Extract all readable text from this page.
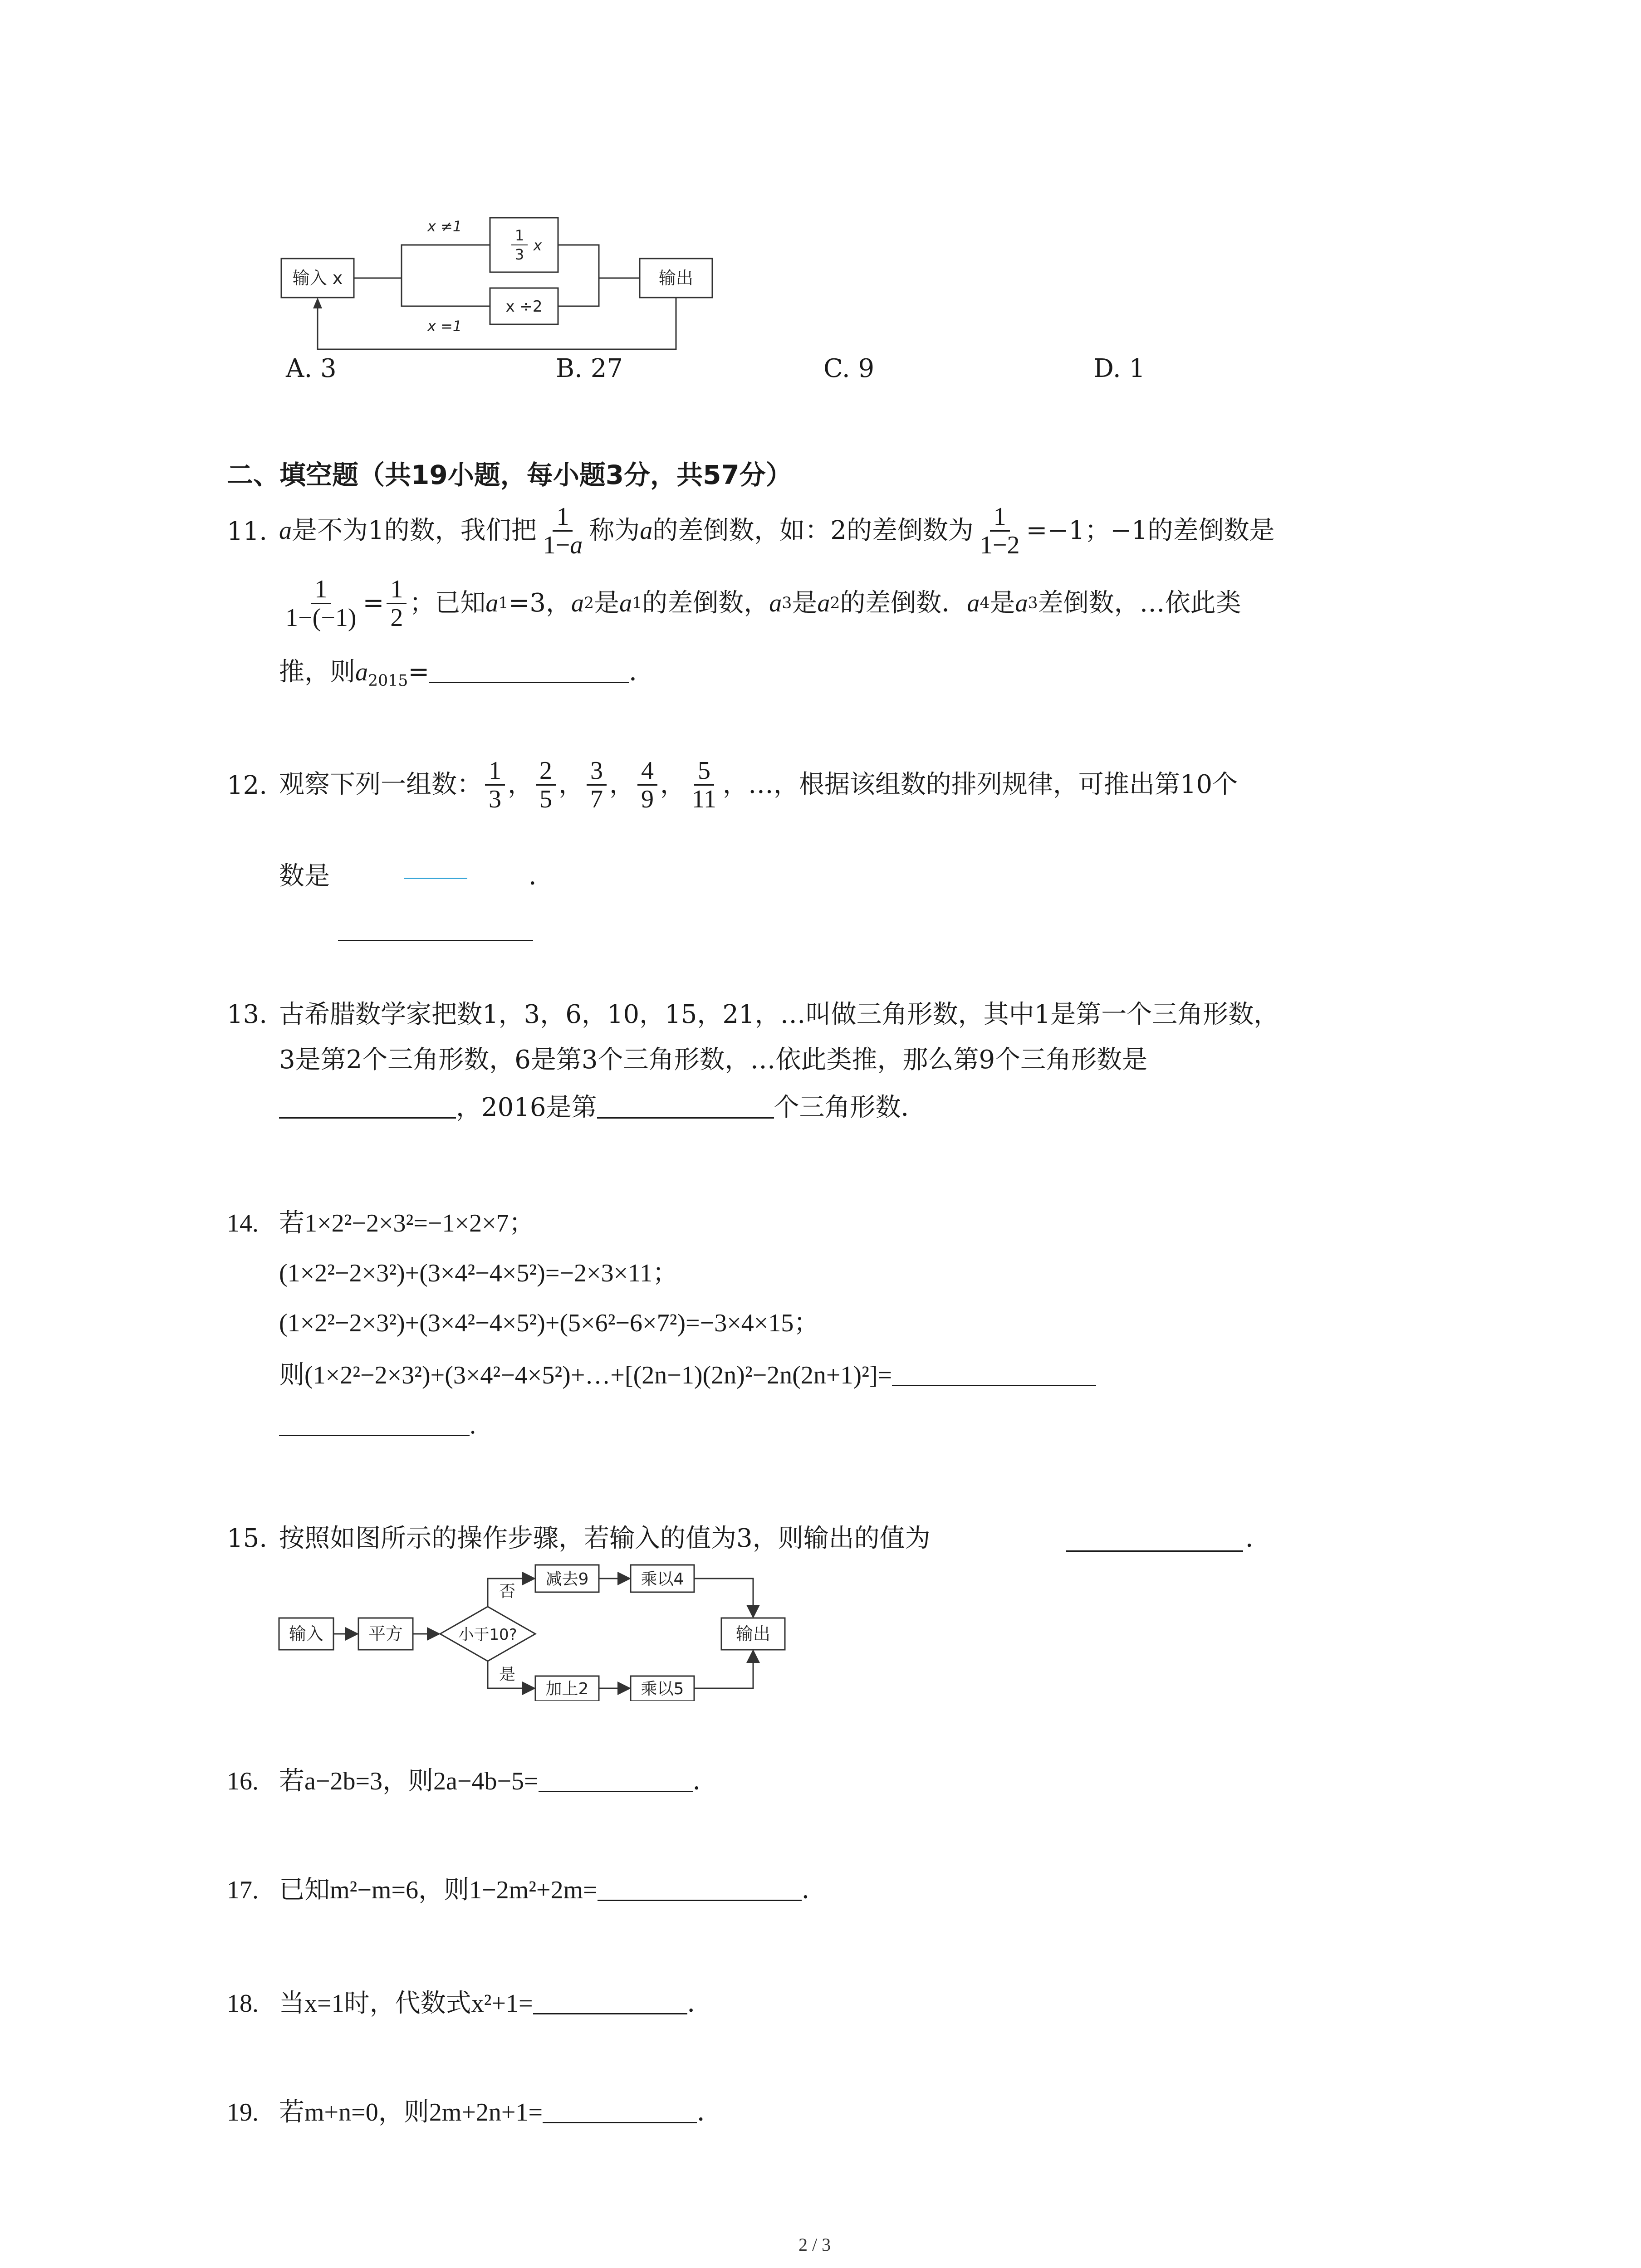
输入 x
x ≠1
x =1
1
3
x
x ÷2
输出
A. 3	B. 27	C. 9	D. 1
二、填空题（共19小题，每小题3分，共57分）
11. a 是不为1的数，我们把 $\frac{1}{1-a}$ 称为 a 的差倒数，如：2的差倒数为 $\frac{1}{1-2} =-1$；−1的差倒数是
$\frac{1}{1-(-1)} = \frac{1}{2}$ ；已知 a 1 =3， a 2 是 a 1 的差倒数， a 3 是 a 2 的差倒数． a 4 是 a 3 差倒数，…依此类
推，则$a_{2015}=$	．
12. 观察下列一组数： $\frac{1}{3}$ ， $\frac{2}{5}$ ， $\frac{3}{7}$ ， $\frac{4}{9}$ ， $\frac{5}{11}$ ，…，根据该组数的排列规律，可推出第10个
数是	．
13. 古希腊数学家把数1，3，6，10，15，21，…叫做三角形数，其中1是第一个三角形数，
3是第2个三角形数，6是第3个三角形数，…依此类推，那么第9个三角形数是
，2016是第	个三角形数．
14. 若1×2²−2×3²=−1×2×7；
(1×2²−2×3²)+(3×4²−4×5²)=−2×3×11；
(1×2²−2×3²)+(3×4²−4×5²)+(5×6²−6×7²)=−3×4×15；
则(1×2²−2×3²)+(3×4²−4×5²)+…+[(2n−1)(2n)²−2n(2n+1)²]=
.
15. 按照如图所示的操作步骤，若输入的值为3，则输出的值为	．
输入	平方	小于10?
否
是
减去9	乘以4
加上2	乘以5
输出
16. 若a−2b=3，则2a−4b−5=	．
17. 已知m²−m=6，则1−2m²+2m=	．
18. 当x=1时，代数式x²+1=	．
19. 若m+n=0，则2m+2n+1=	．
2 / 3
